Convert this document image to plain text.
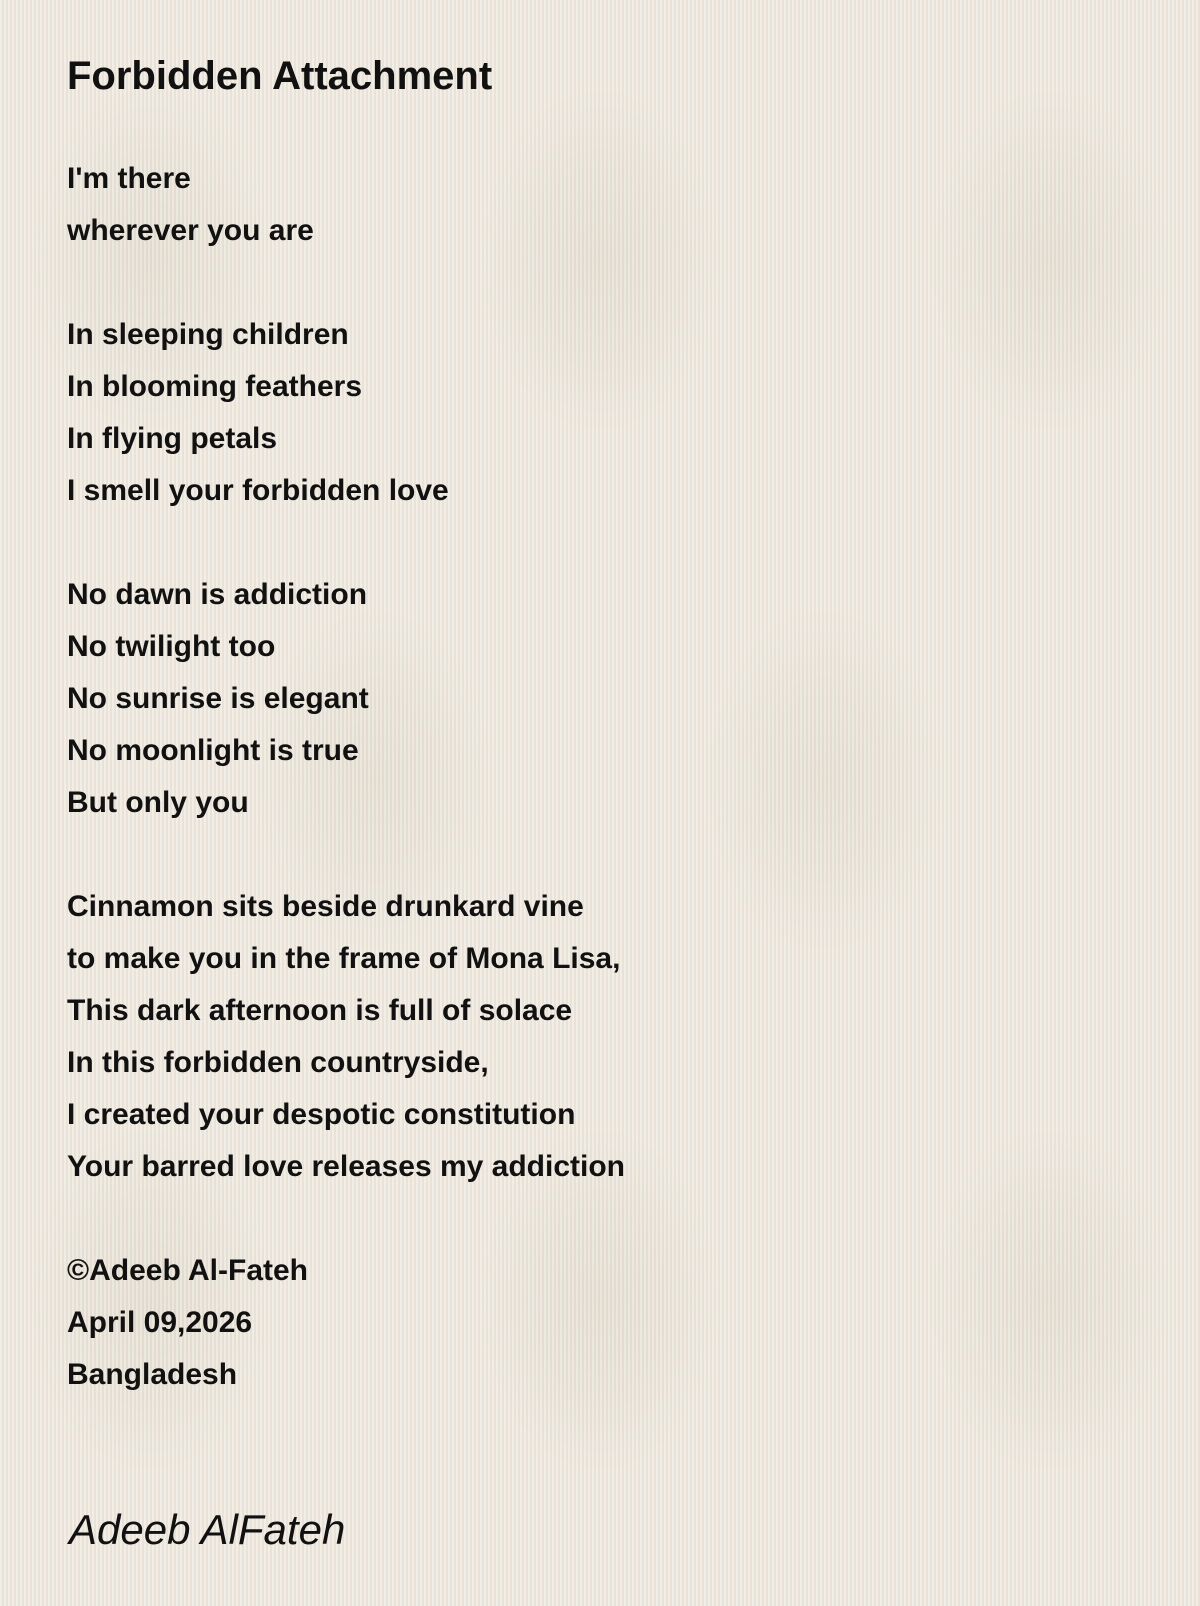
Forbidden Attachment
I'm there
wherever you are
In sleeping children
In blooming feathers
In flying petals
I smell your forbidden love
No dawn is addiction
No twilight too
No sunrise is elegant
No moonlight is true
But only you
Cinnamon sits beside drunkard vine
to make you in the frame of Mona Lisa,
This dark afternoon is full of solace
In this forbidden countryside,
I created your despotic constitution
Your barred love releases my addiction
©Adeeb Al-Fateh
April 09,2026
Bangladesh
Adeeb AlFateh
